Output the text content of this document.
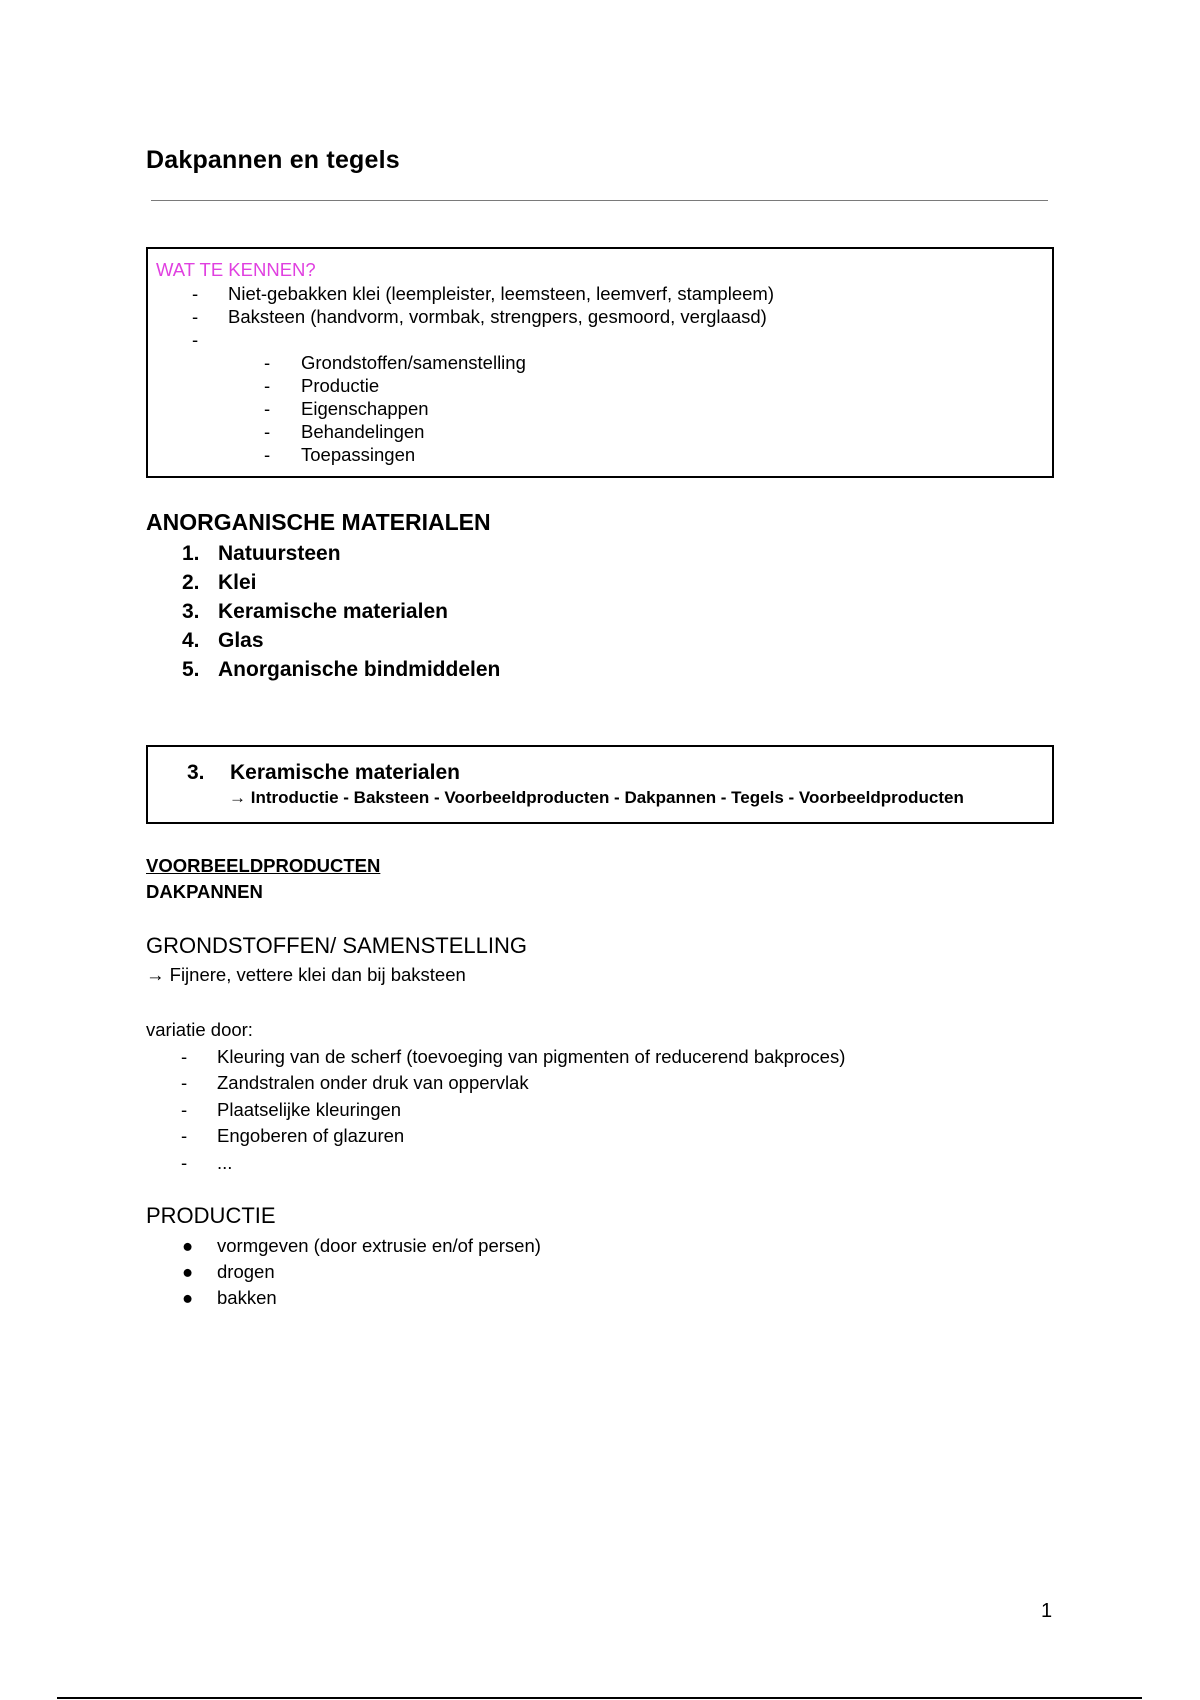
Dakpannen en tegels
WAT TE KENNEN?
- Niet-gebakken klei (leempleister, leemsteen, leemverf, stampleem)
- Baksteen (handvorm, vormbak, strengpers, gesmoord, verglaasd)
-
- Grondstoffen/samenstelling
- Productie
- Eigenschappen
- Behandelingen
- Toepassingen
ANORGANISCHE MATERIALEN
1. Natuursteen
2. Klei
3. Keramische materialen
4. Glas
5. Anorganische bindmiddelen
3. Keramische materialen
→ Introductie - Baksteen - Voorbeeldproducten - Dakpannen - Tegels - Voorbeeldproducten
VOORBEELDPRODUCTEN
DAKPANNEN
GRONDSTOFFEN/ SAMENSTELLING
→ Fijnere, vettere klei dan bij baksteen
variatie door:
- Kleuring van de scherf (toevoeging van pigmenten of reducerend bakproces)
- Zandstralen onder druk van oppervlak
- Plaatselijke kleuringen
- Engoberen of glazuren
- ...
PRODUCTIE
● vormgeven (door extrusie en/of persen)
● drogen
● bakken
1
